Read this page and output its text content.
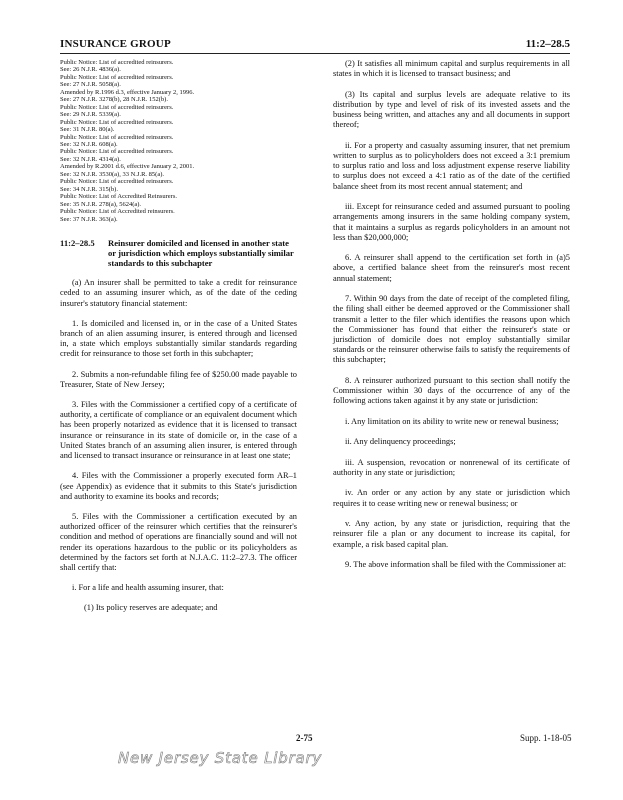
INSURANCE GROUP	11:2–28.5
Public Notice: List of accredited reinsurers.
See: 26 N.J.R. 4836(a).
Public Notice: List of accredited reinsurers.
See: 27 N.J.R. 5058(a).
Amended by R.1996 d.3, effective January 2, 1996.
See: 27 N.J.R. 3278(b), 28 N.J.R. 152(b).
Public Notice: List of accredited reinsurers.
See: 29 N.J.R. 5339(a).
Public Notice: List of accredited reinsurers.
See: 31 N.J.R. 80(a).
Public Notice: List of accredited reinsurers.
See: 32 N.J.R. 608(a).
Public Notice: List of accredited reinsurers.
See: 32 N.J.R. 4314(a).
Amended by R.2001 d.6, effective January 2, 2001.
See: 32 N.J.R. 3530(a), 33 N.J.R. 85(a).
Public Notice: List of accredited reinsurers.
See: 34 N.J.R. 315(b).
Public Notice: List of Accredited Reinsurers.
See: 35 N.J.R. 278(a), 5624(a).
Public Notice: List of Accredited reinsurers.
See: 37 N.J.R. 363(a).
11:2–28.5 Reinsurer domiciled and licensed in another state or jurisdiction which employs substantially similar standards to this subchapter

(a) An insurer shall be permitted to take a credit for reinsurance ceded to an assuming insurer which, as of the date of the ceding insurer's statutory financial statement:

1. Is domiciled and licensed in, or in the case of a United States branch of an alien assuming insurer, is entered through and licensed in, a state which employs substantially similar standards regarding credit for reinsurance to those set forth in this subchapter;

2. Submits a non-refundable filing fee of $250.00 made payable to Treasurer, State of New Jersey;

3. Files with the Commissioner a certified copy of a certificate of authority, a certificate of compliance or an equivalent document which has been properly notarized as evidence that it is licensed to transact insurance or reinsurance in its state of domicile or, in the case of a United States branch of an assuming alien insurer, is entered through and licensed to transact insurance or reinsurance in at least one state;

4. Files with the Commissioner a properly executed form AR–1 (see Appendix) as evidence that it submits to this State's jurisdiction and authority to examine its books and records;

5. Files with the Commissioner a certification executed by an authorized officer of the reinsurer which certifies that the reinsurer's condition and method of operations are financially sound and will not render its operations hazardous to the public or its policyholders as determined by the factors set forth at N.J.A.C. 11:2–27.3. The officer shall certify that:

i. For a life and health assuming insurer, that:

(1) Its policy reserves are adequate; and

(2) It satisfies all minimum capital and surplus requirements in all states in which it is licensed to transact business; and

(3) Its capital and surplus levels are adequate relative to its distribution by type and level of risk of its invested assets and the business being written, and attaches any and all documents in support thereof;

ii. For a property and casualty assuming insurer, that net premium written to surplus as to policyholders does not exceed a 3:1 premium to surplus ratio and loss and loss adjustment expense reserve liability to surplus does not exceed a 4:1 ratio as of the date of the certified balance sheet from its most recent annual statement; and

iii. Except for reinsurance ceded and assumed pursuant to pooling arrangements among insurers in the same holding company system, that it maintains a surplus as regards policyholders in an amount not less than $20,000,000;

6. A reinsurer shall append to the certification set forth in (a)5 above, a certified balance sheet from the reinsurer's most recent annual statement;

7. Within 90 days from the date of receipt of the completed filing, the filing shall either be deemed approved or the Commissioner shall transmit a letter to the filer which identifies the reasons upon which the Commissioner has found that either the reinsurer's state or jurisdiction of domicile does not employ substantially similar standards or the reinsurer otherwise fails to satisfy the requirements of this subchapter;

8. A reinsurer authorized pursuant to this section shall notify the Commissioner within 30 days of the occurrence of any of the following actions taken against it by any state or jurisdiction:

i. Any limitation on its ability to write new or renewal business;

ii. Any delinquency proceedings;

iii. A suspension, revocation or nonrenewal of its certificate of authority in any state or jurisdiction;

iv. An order or any action by any state or jurisdiction which requires it to cease writing new or renewal business; or

v. Any action, by any state or jurisdiction, requiring that the reinsurer file a plan or any document to increase its capital, for example, a risk based capital plan.

9. The above information shall be filed with the Commissioner at:

2-75	Supp. 1-18-05
New Jersey State Library
